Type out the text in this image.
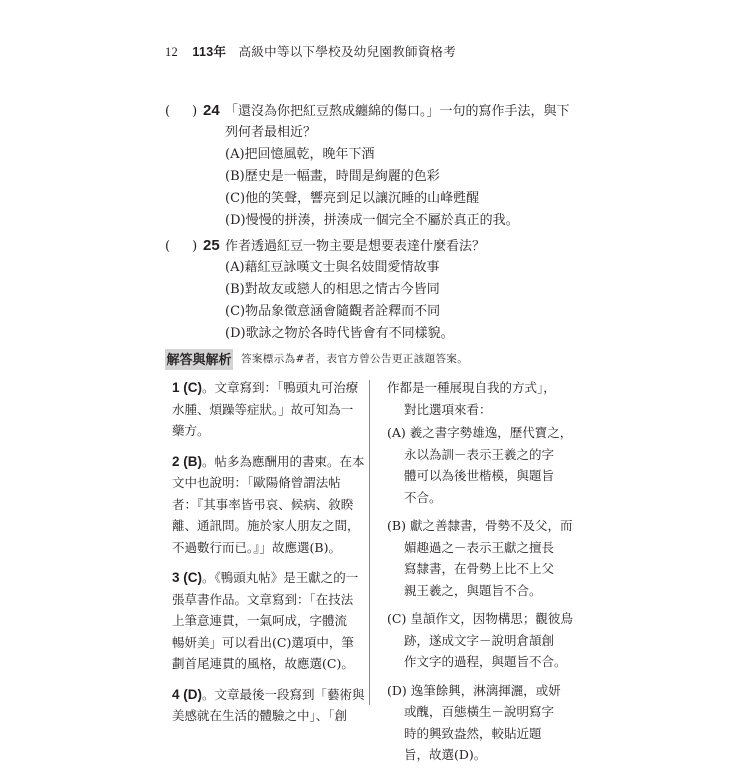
12 113年 高級中等以下學校及幼兒園教師資格考
( ) 24 「還沒為你把紅豆熬成纏綿的傷口。」一句的寫作手法，與下
列何者最相近？
(A)把回憶風乾，晚年下酒
(B)歷史是一幅畫，時間是絢麗的色彩
(C)他的笑聲，響亮到足以讓沉睡的山峰甦醒
(D)慢慢的拼湊，拼湊成一個完全不屬於真正的我。
( ) 25 作者透過紅豆一物主要是想要表達什麼看法？
(A)藉紅豆詠嘆文士與名妓間愛情故事
(B)對故友或戀人的相思之情古今皆同
(C)物品象徵意涵會隨觀者詮釋而不同
(D)歌詠之物於各時代皆會有不同樣貌。
解答與解析 答案標示為#者，表官方曾公告更正該題答案。
1 (C)。文章寫到：「鴨頭丸可治療
水腫、煩躁等症狀。」故可知為一
藥方。
2 (B)。帖多為應酬用的書柬。在本
文中也說明：「歐陽脩曾謂法帖
者：『其事率皆弔哀、候病、敘睽
離、通訊問。施於家人朋友之間，
不過數行而已。』」故應選(B)。
3 (C)。《鴨頭丸帖》是王獻之的一
張草書作品。文章寫到：「在技法
上筆意連貫，一氣呵成，字體流
暢妍美」可以看出(C)選項中，筆
劃首尾連貫的風格，故應選(C)。
4 (D)。文章最後一段寫到「藝術與
美感就在生活的體驗之中」、「創
作都是一種展現自我的方式」，
對比選項來看：
(A) 羲之書字勢雄逸，歷代寶之，
永以為訓－表示王羲之的字
體可以為後世楷模，與題旨
不合。
(B) 獻之善隸書，骨勢不及父，而
媚趣過之－表示王獻之擅長
寫隸書，在骨勢上比不上父
親王羲之，與題旨不合。
(C) 皇頡作文，因物構思；觀彼鳥
跡，遂成文字－說明倉頡創
作文字的過程，與題旨不合。
(D) 逸筆餘興，淋漓揮灑，或妍
或醜，百態橫生－說明寫字
時的興致盎然，較貼近題
旨，故選(D)。
